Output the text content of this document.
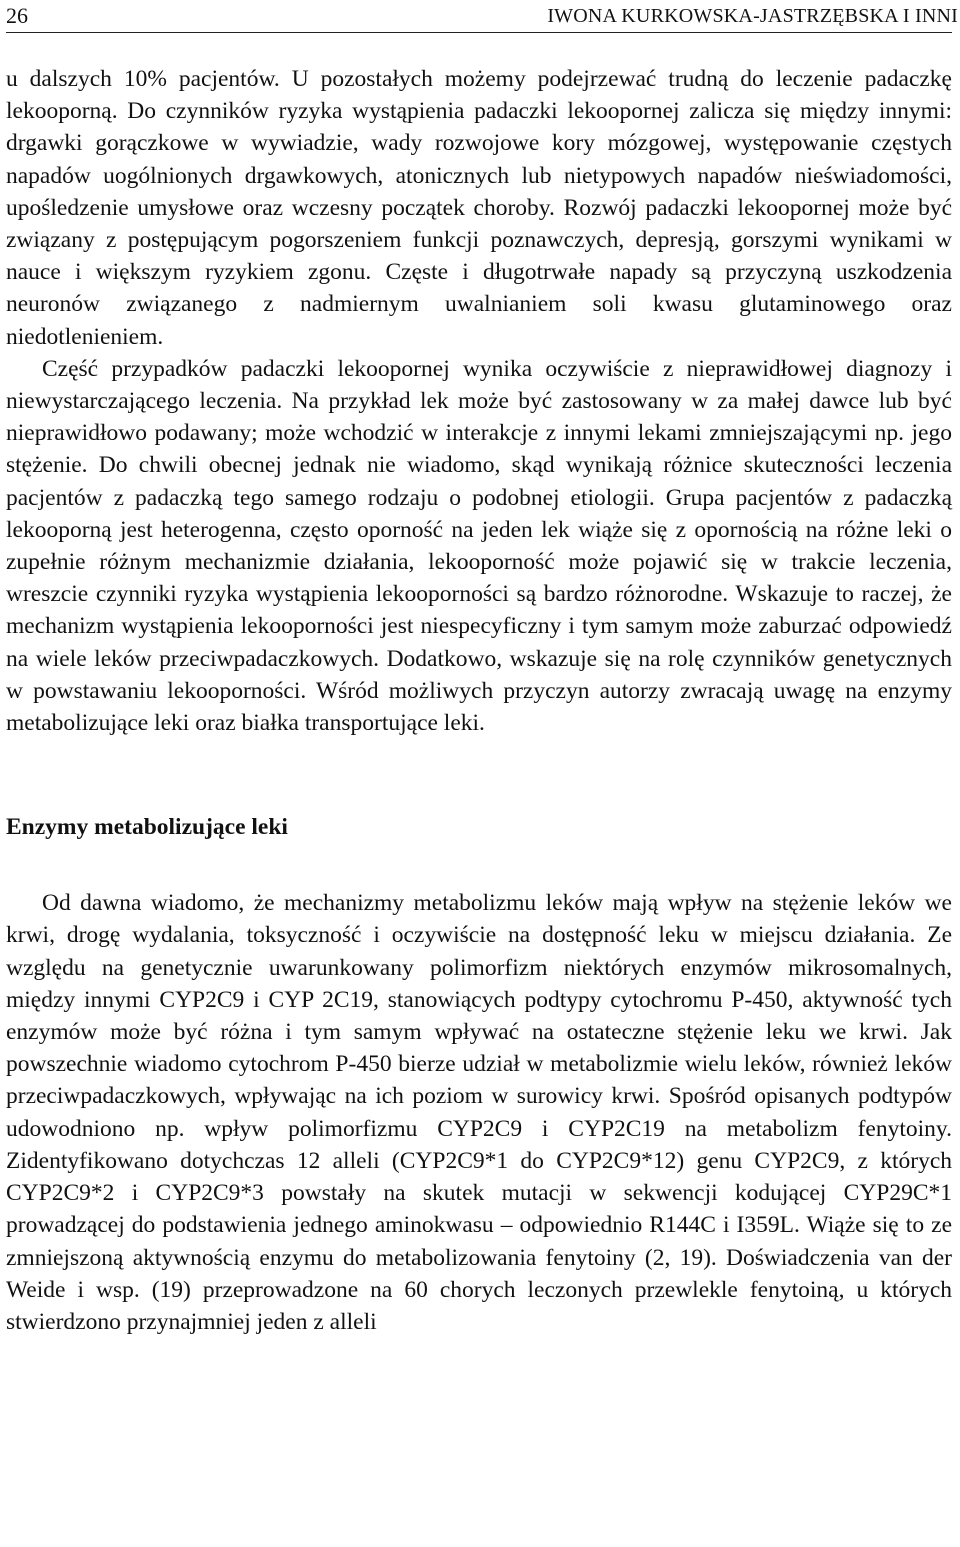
26	IWONA KURKOWSKA-JASTRZĘBSKA I INNI

u dalszych 10% pacjentów. U pozostałych możemy podejrzewać trudną do leczenie padaczkę lekooporną. Do czynników ryzyka wystąpienia padaczki lekoopornej zalicza się między innymi: drgawki gorączkowe w wywiadzie, wady rozwojowe kory mózgowej, występowanie częstych napadów uogólnionych drgawkowych, atonicznych lub nietypowych napadów nieświadomości, upośledzenie umysłowe oraz wczesny początek choroby. Rozwój padaczki lekoopornej może być związany z postępującym pogorszeniem funkcji poznawczych, depresją, gorszymi wynikami w nauce i większym ryzykiem zgonu. Częste i długotrwałe napady są przyczyną uszkodzenia neuronów związanego z nadmiernym uwalnianiem soli kwasu glutaminowego oraz niedotlenieniem.

Część przypadków padaczki lekoopornej wynika oczywiście z nieprawidłowej diagnozy i niewystarczającego leczenia. Na przykład lek może być zastosowany w za małej dawce lub być nieprawidłowo podawany; może wchodzić w interakcje z innymi lekami zmniejszającymi np. jego stężenie. Do chwili obecnej jednak nie wiadomo, skąd wynikają różnice skuteczności leczenia pacjentów z padaczką tego samego rodzaju o podobnej etiologii. Grupa pacjentów z padaczką lekooporną jest heterogenna, często oporność na jeden lek wiąże się z opornością na różne leki o zupełnie różnym mechanizmie działania, lekooporność może pojawić się w trakcie leczenia, wreszcie czynniki ryzyka wystąpienia lekooporności są bardzo różnorodne. Wskazuje to raczej, że mechanizm wystąpienia lekooporności jest niespecyficzny i tym samym może zaburzać odpowiedź na wiele leków przeciwpadaczkowych. Dodatkowo, wskazuje się na rolę czynników genetycznych w powstawaniu lekooporności. Wśród możliwych przyczyn autorzy zwracają uwagę na enzymy metabolizujące leki oraz białka transportujące leki.

Enzymy metabolizujące leki

Od dawna wiadomo, że mechanizmy metabolizmu leków mają wpływ na stężenie leków we krwi, drogę wydalania, toksyczność i oczywiście na dostępność leku w miejscu działania. Ze względu na genetycznie uwarunkowany polimorfizm niektórych enzymów mikrosomalnych, między innymi CYP2C9 i CYP 2C19, stanowiących podtypy cytochromu P-450, aktywność tych enzymów może być różna i tym samym wpływać na ostateczne stężenie leku we krwi. Jak powszechnie wiadomo cytochrom P-450 bierze udział w metabolizmie wielu leków, również leków przeciwpadaczkowych, wpływając na ich poziom w surowicy krwi. Spośród opisanych podtypów udowodniono np. wpływ polimorfizmu CYP2C9 i CYP2C19 na metabolizm fenytoiny. Zidentyfikowano dotychczas 12 alleli (CYP2C9*1 do CYP2C9*12) genu CYP2C9, z których CYP2C9*2 i CYP2C9*3 powstały na skutek mutacji w sekwencji kodującej CYP29C*1 prowadzącej do podstawienia jednego aminokwasu – odpowiednio R144C i I359L. Wiąże się to ze zmniejszoną aktywnością enzymu do metabolizowania fenytoiny (2, 19). Doświadczenia van der Weide i wsp. (19) przeprowadzone na 60 chorych leczonych przewlekle fenytoiną, u których stwierdzono przynajmniej jeden z alleli
